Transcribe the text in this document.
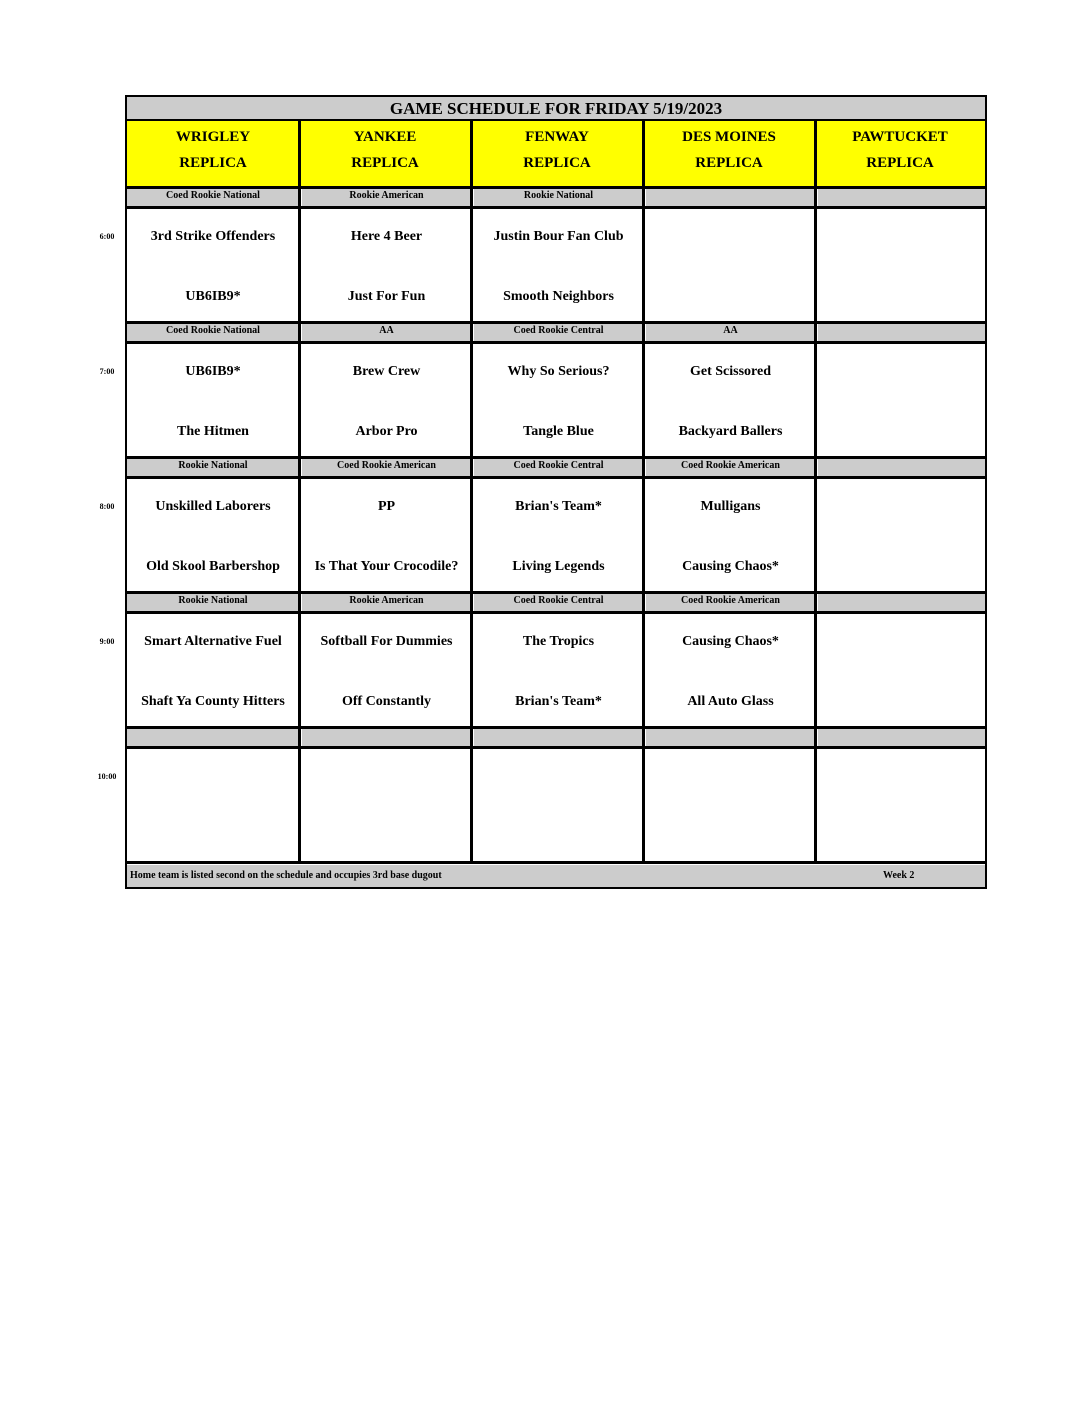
GAME SCHEDULE FOR FRIDAY 5/19/2023
WRIGLEY
REPLICA
YANKEE
REPLICA
FENWAY
REPLICA
DES MOINES
REPLICA
PAWTUCKET
REPLICA
Coed Rookie National
3rd Strike Offenders
UB6IB9*
Rookie American
Here 4 Beer
Just For Fun
Rookie National
Justin Bour Fan Club
Smooth Neighbors
Coed Rookie National
UB6IB9*
The Hitmen
AA
Brew Crew
Arbor Pro
Coed Rookie Central
Why So Serious?
Tangle Blue
AA
Get Scissored
Backyard Ballers
Rookie National
Unskilled Laborers
Old Skool Barbershop
Coed Rookie American
PP
Is That Your Crocodile?
Coed Rookie Central
Brian's Team*
Living Legends
Coed Rookie American
Mulligans
Causing Chaos*
Rookie National
Smart Alternative Fuel
Shaft Ya County Hitters
Rookie American
Softball For Dummies
Off Constantly
Coed Rookie Central
The Tropics
Brian's Team*
Coed Rookie American
Causing Chaos*
All Auto Glass
Home team is listed second on the schedule and occupies 3rd base dugout	Week 2
6:00
7:00
8:00
9:00
10:00
